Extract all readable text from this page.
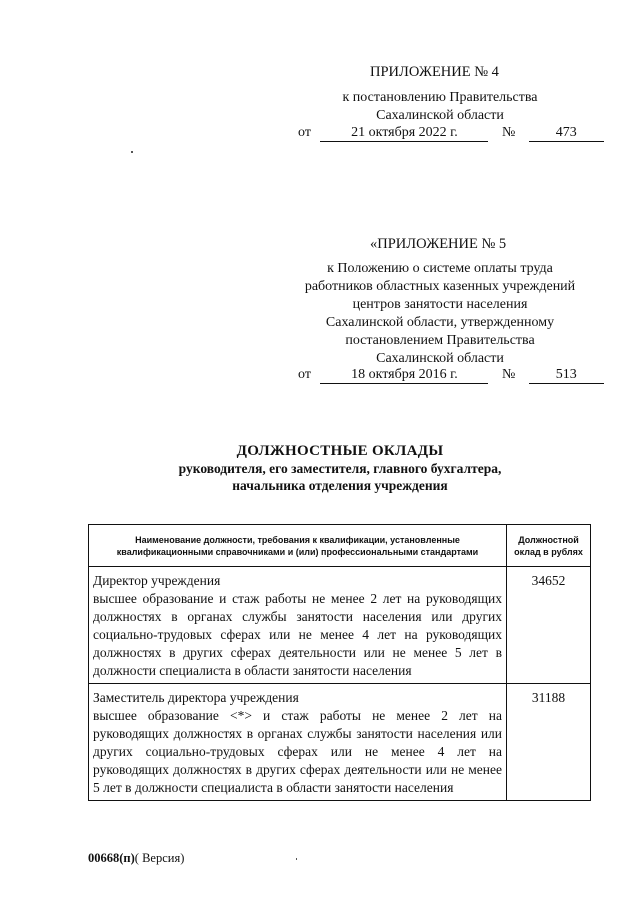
ПРИЛОЖЕНИЕ № 4
к постановлению Правительства
Сахалинской области
от	21 октября 2022 г.	№	473
«ПРИЛОЖЕНИЕ № 5
к Положению о системе оплаты труда
работников областных казенных учреждений
центров занятости населения
Сахалинской области, утвержденному
постановлением Правительства
Сахалинской области
от	18 октября 2016 г.	№	513
ДОЛЖНОСТНЫЕ ОКЛАДЫ
руководителя, его заместителя, главного бухгалтера,
начальника отделения учреждения
Наименование должности, требования к квалификации, установленные квалификационными справочниками и (или) профессиональными стандартами	Должностной оклад в рублях

Директор учреждения
высшее образование и стаж работы не менее 2 лет на руководящих должностях в органах службы занятости населения или других социально-трудовых сферах или не менее 4 лет на руководящих должностях в других сферах деятельности или не менее 5 лет в должности специалиста в области занятости населения	34652

Заместитель директора учреждения
высшее образование <*> и стаж работы не менее 2 лет на руководящих должностях в органах службы занятости населения или других социально-трудовых сферах или не менее 4 лет на руководящих должностях в других сферах деятельности или не менее 5 лет в должности специалиста в области занятости населения	31188
00668(п)( Версия)
